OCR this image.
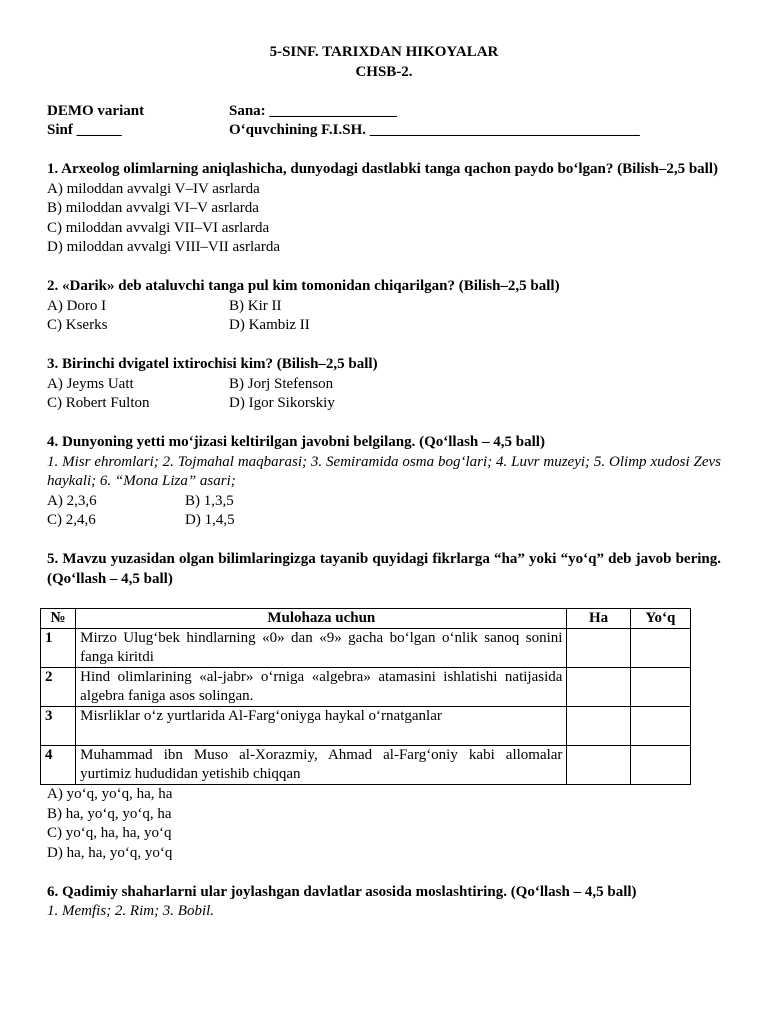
5-SINF. TARIXDAN HIKOYALAR
CHSB-2.
DEMO variant	Sana: _________________
Sinf ______	O‘quvchining F.I.SH. ____________________________________
1. Arxeolog olimlarning aniqlashicha, dunyodagi dastlabki tanga qachon paydo bo‘lgan? (Bilish–2,5 ball)
A) miloddan avvalgi V–IV asrlarda
B) miloddan avvalgi VI–V asrlarda
C) miloddan avvalgi VII–VI asrlarda
D) miloddan avvalgi VIII–VII asrlarda
2. «Darik» deb ataluvchi tanga pul kim tomonidan chiqarilgan? (Bilish–2,5 ball)
A) Doro I	B) Kir II
C) Kserks	D) Kambiz II
3. Birinchi dvigatel ixtirochisi kim? (Bilish–2,5 ball)
A) Jeyms Uatt	B) Jorj Stefenson
C) Robert Fulton	D) Igor Sikorskiy
4. Dunyoning yetti mo‘jizasi keltirilgan javobni belgilang. (Qo‘llash – 4,5 ball)
1. Misr ehromlari; 2. Tojmahal maqbarasi; 3. Semiramida osma bog‘lari; 4. Luvr muzeyi; 5. Olimp xudosi Zevs haykali; 6. “Mona Liza” asari;
A) 2,3,6	B) 1,3,5
C) 2,4,6	D) 1,4,5
5. Mavzu yuzasidan olgan bilimlaringizga tayanib quyidagi fikrlarga “ha” yoki “yo‘q” deb javob bering. (Qo‘llash – 4,5 ball)
№	Mulohaza uchun	Ha	Yo‘q
1	Mirzo Ulug‘bek hindlarning «0» dan «9» gacha bo‘lgan o‘nlik sanoq sonini fanga kiritdi		
2	Hind olimlarining «al-jabr» o‘rniga «algebra» atamasini ishlatishi natijasida algebra faniga asos solingan.		
3	Misrliklar o‘z yurtlarida Al-Farg‘oniyga haykal o‘rnatganlar		
4	Muhammad ibn Muso al-Xorazmiy, Ahmad al-Farg‘oniy kabi allomalar yurtimiz hududidan yetishib chiqqan		
A) yo‘q, yo‘q, ha, ha
B) ha, yo‘q, yo‘q, ha
C) yo‘q, ha, ha, yo‘q
D) ha, ha, yo‘q, yo‘q
6. Qadimiy shaharlarni ular joylashgan davlatlar asosida moslashtiring. (Qo‘llash – 4,5 ball)
1. Memfis; 2. Rim; 3. Bobil.
